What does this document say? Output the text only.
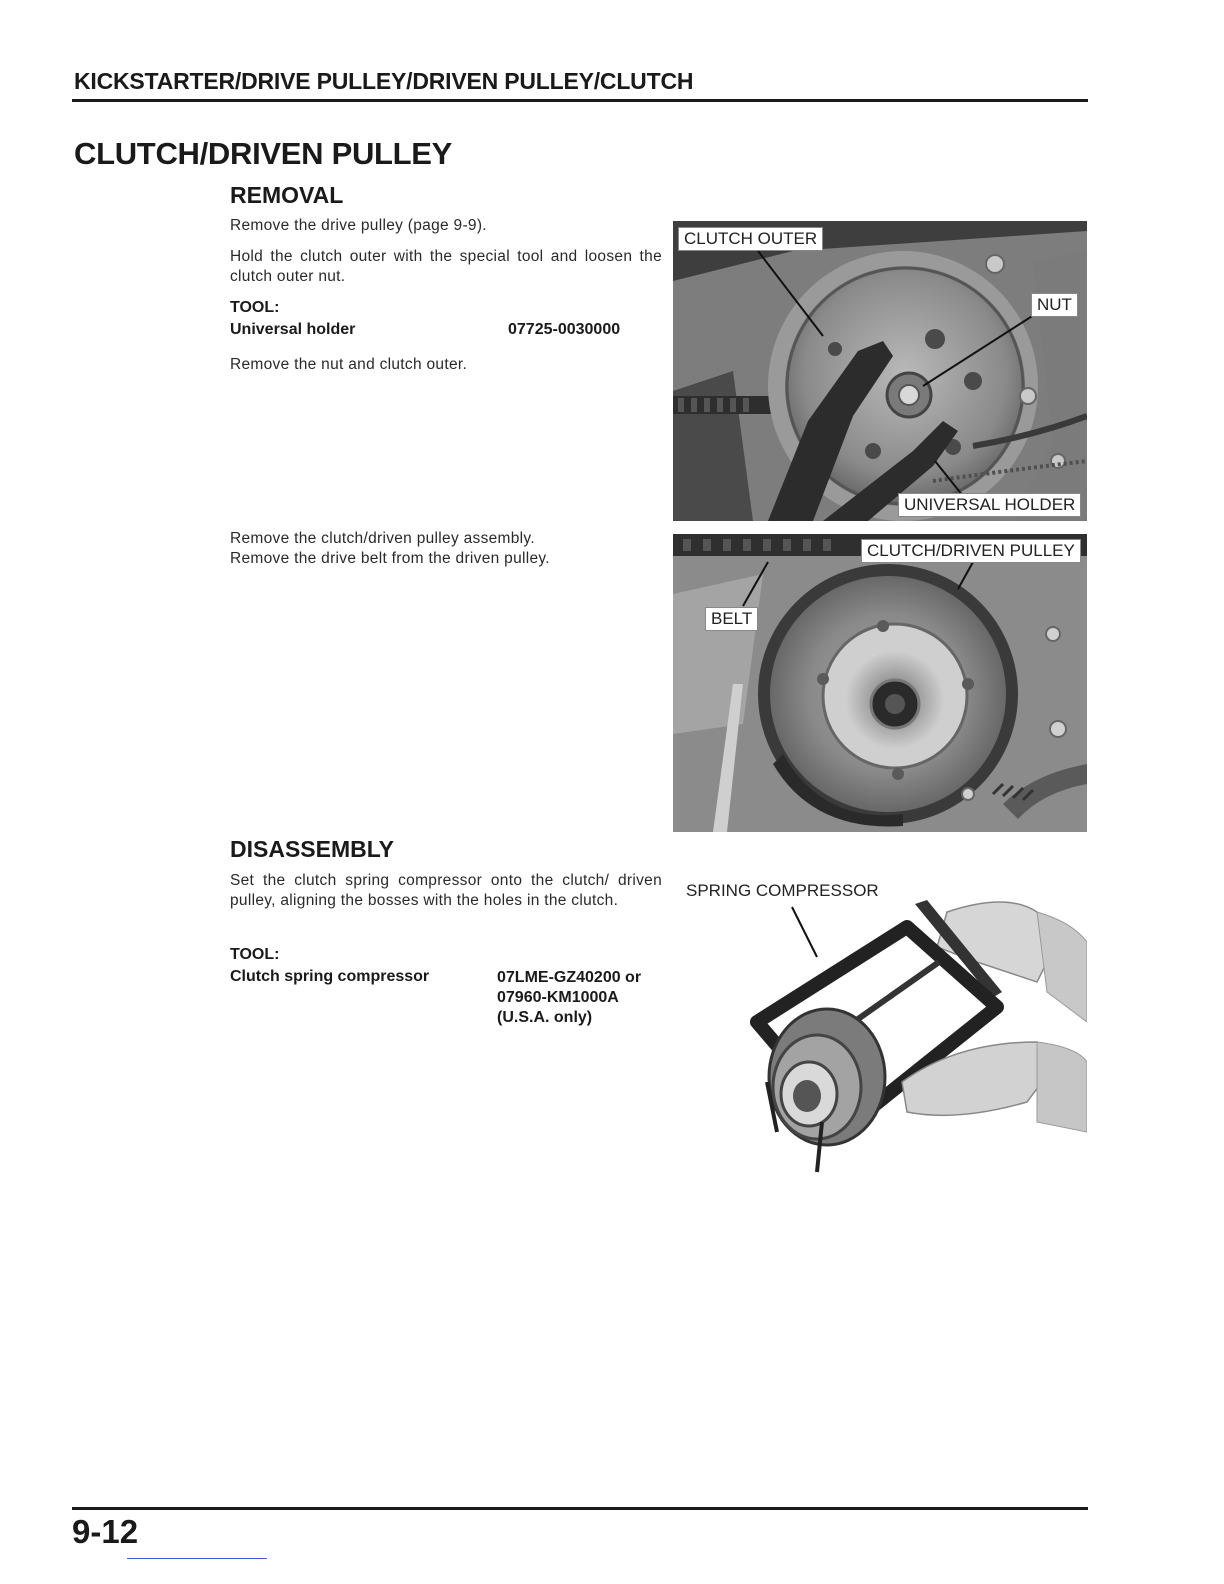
KICKSTARTER/DRIVE PULLEY/DRIVEN PULLEY/CLUTCH
CLUTCH/DRIVEN PULLEY
REMOVAL
Remove the drive pulley (page 9-9).
Hold the clutch outer with the special tool and loosen the clutch outer nut.
TOOL:
Universal holder	07725-0030000
Remove the nut and clutch outer.
Remove the clutch/driven pulley assembly.
Remove the drive belt from the driven pulley.
CLUTCH OUTER
NUT
UNIVERSAL HOLDER
CLUTCH/DRIVEN PULLEY
BELT
DISASSEMBLY
Set the clutch spring compressor onto the clutch/ driven pulley, aligning the bosses with the holes in the clutch.
TOOL:
Clutch spring compressor	07LME-GZ40200 or
07960-KM1000A
(U.S.A. only)
SPRING COMPRESSOR
9-12
